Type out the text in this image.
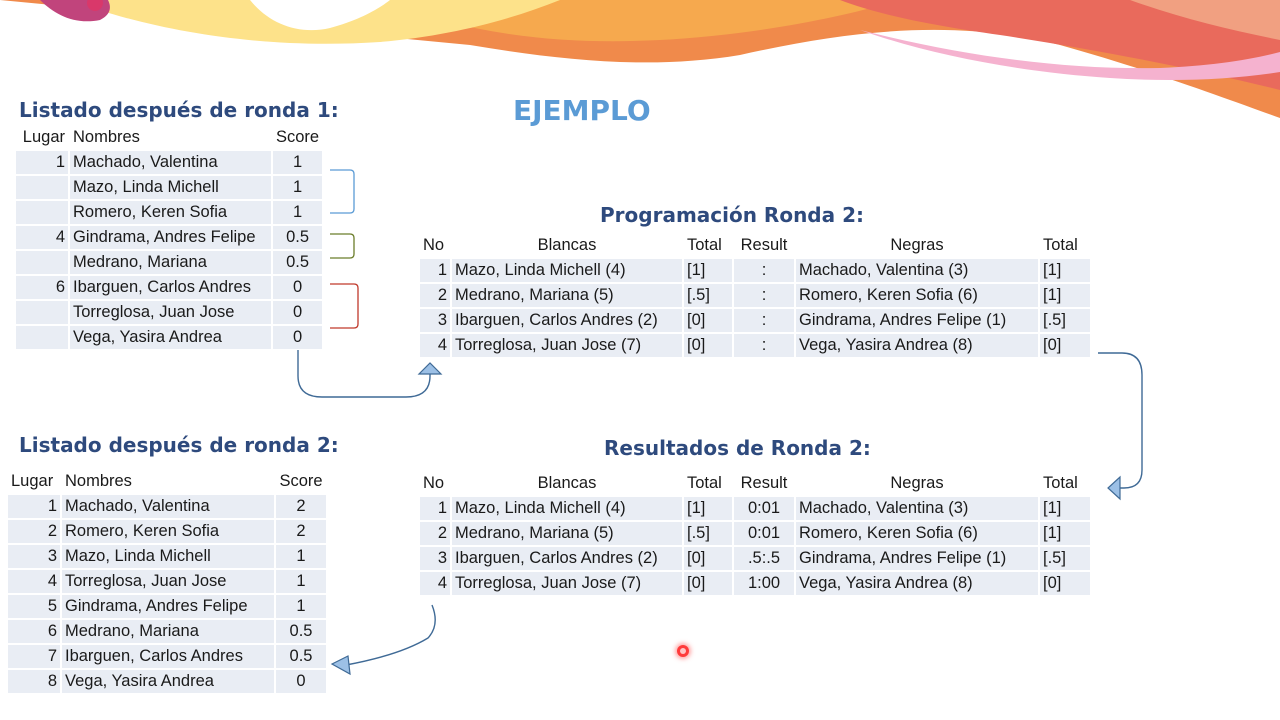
EJEMPLO
Listado después de ronda 1:
Lugar	Nombres	Score
1	Machado, Valentina	1
	Mazo, Linda Michell	1
	Romero, Keren Sofia	1
4	Gindrama, Andres Felipe	0.5
	Medrano, Mariana	0.5
6	Ibarguen, Carlos Andres	0
	Torreglosa, Juan Jose	0
	Vega, Yasira Andrea	0
Programación Ronda 2:
No	Blancas	Total	Result	Negras	Total
1	Mazo, Linda Michell (4)	[1]	:	Machado, Valentina (3)	[1]
2	Medrano, Mariana (5)	[.5]	:	Romero, Keren Sofia (6)	[1]
3	Ibarguen, Carlos Andres (2)	[0]	:	Gindrama, Andres Felipe (1)	[.5]
4	Torreglosa, Juan Jose (7)	[0]	:	Vega, Yasira Andrea (8)	[0]
Resultados de Ronda 2:
No	Blancas	Total	Result	Negras	Total
1	Mazo, Linda Michell (4)	[1]	0:01	Machado, Valentina (3)	[1]
2	Medrano, Mariana (5)	[.5]	0:01	Romero, Keren Sofia (6)	[1]
3	Ibarguen, Carlos Andres (2)	[0]	.5:.5	Gindrama, Andres Felipe (1)	[.5]
4	Torreglosa, Juan Jose (7)	[0]	1:00	Vega, Yasira Andrea (8)	[0]
Listado después de ronda 2:
Lugar	Nombres	Score
1	Machado, Valentina	2
2	Romero, Keren Sofia	2
3	Mazo, Linda Michell	1
4	Torreglosa, Juan Jose	1
5	Gindrama, Andres Felipe	1
6	Medrano, Mariana	0.5
7	Ibarguen, Carlos Andres	0.5
8	Vega, Yasira Andrea	0
